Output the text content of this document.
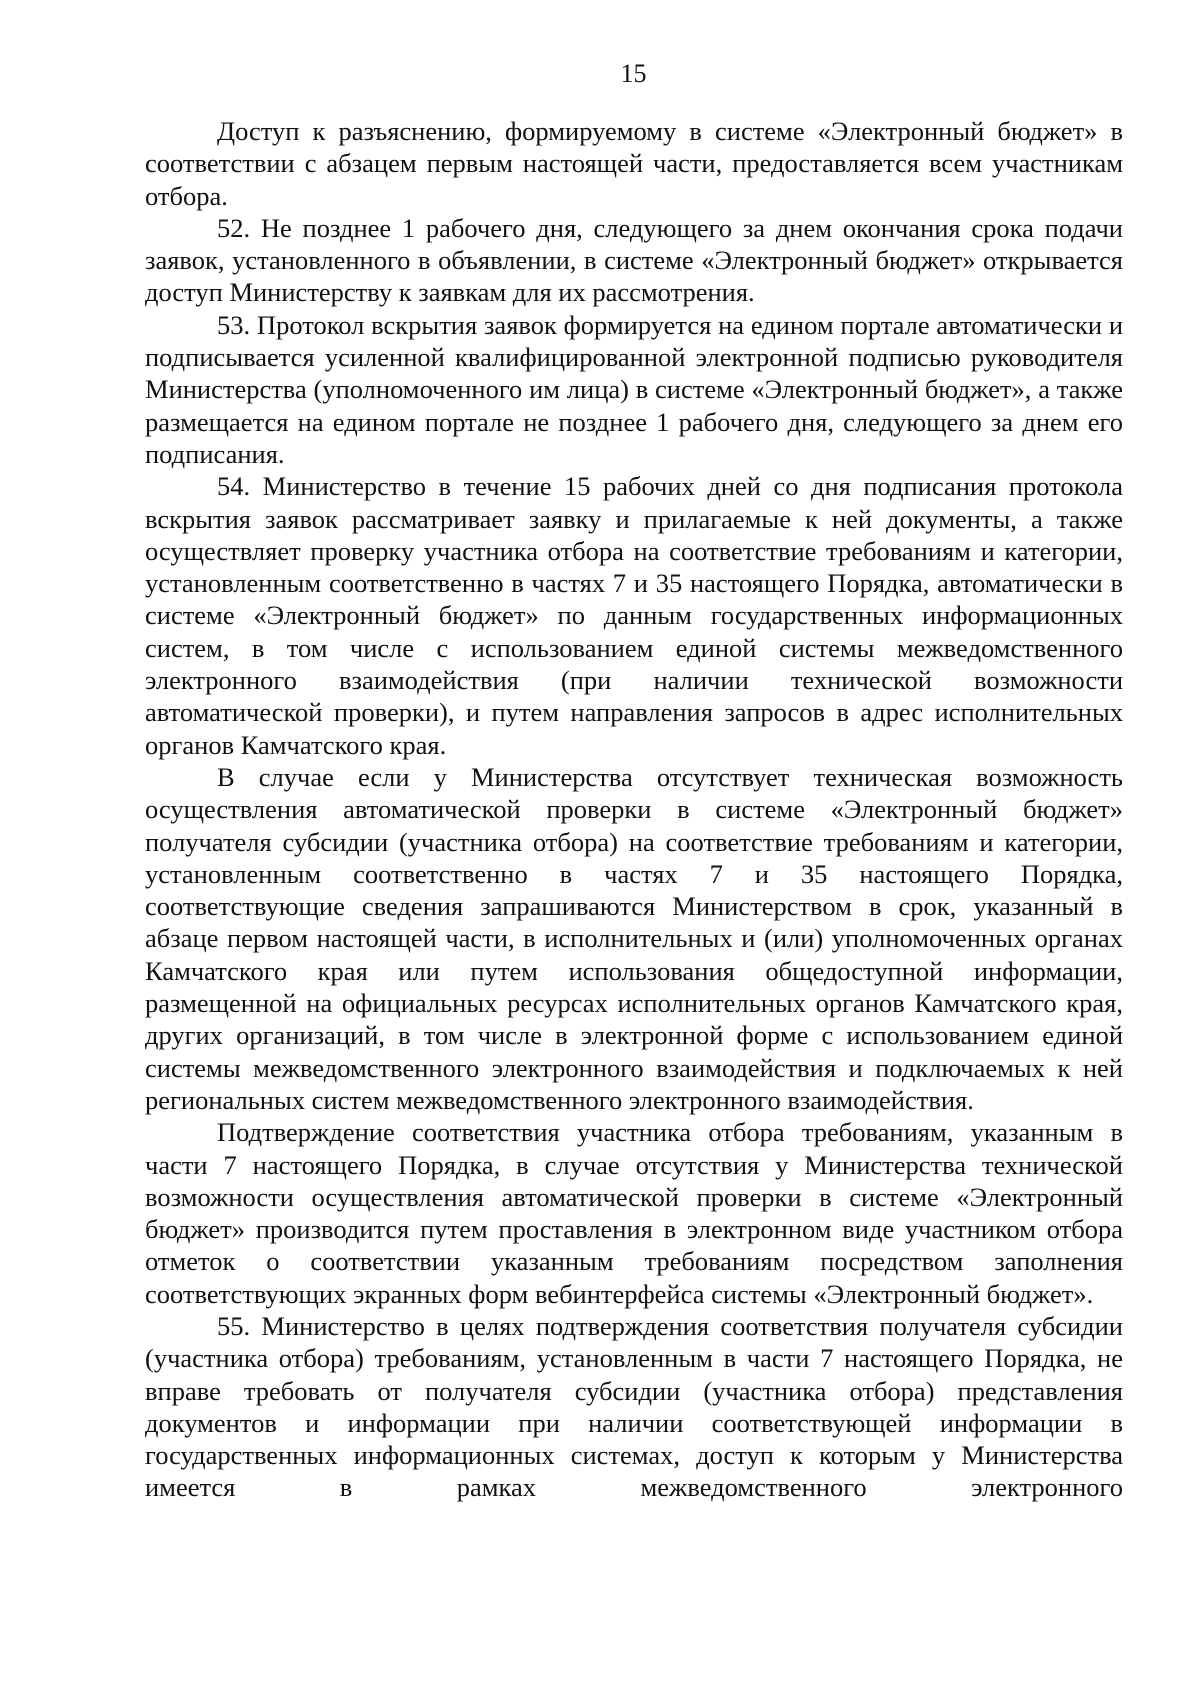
15

Доступ к разъяснению, формируемому в системе «Электронный бюджет» в соответствии с абзацем первым настоящей части, предоставляется всем участникам отбора.

52. Не позднее 1 рабочего дня, следующего за днем окончания срока подачи заявок, установленного в объявлении, в системе «Электронный бюджет» открывается доступ Министерству к заявкам для их рассмотрения.

53. Протокол вскрытия заявок формируется на едином портале автоматически и подписывается усиленной квалифицированной электронной подписью руководителя Министерства (уполномоченного им лица) в системе «Электронный бюджет», а также размещается на едином портале не позднее 1 рабочего дня, следующего за днем его подписания.

54. Министерство в течение 15 рабочих дней со дня подписания протокола вскрытия заявок рассматривает заявку и прилагаемые к ней документы, а также осуществляет проверку участника отбора на соответствие требованиям и категории, установленным соответственно в частях 7 и 35 настоящего Порядка, автоматически в системе «Электронный бюджет» по данным государственных информационных систем, в том числе с использованием единой системы межведомственного электронного взаимодействия (при наличии технической возможности автоматической проверки), и путем направления запросов в адрес исполнительных органов Камчатского края.

В случае если у Министерства отсутствует техническая возможность осуществления автоматической проверки в системе «Электронный бюджет» получателя субсидии (участника отбора) на соответствие требованиям и категории, установленным соответственно в частях 7 и 35 настоящего Порядка, соответствующие сведения запрашиваются Министерством в срок, указанный в абзаце первом настоящей части, в исполнительных и (или) уполномоченных органах Камчатского края или путем использования общедоступной информации, размещенной на официальных ресурсах исполнительных органов Камчатского края, других организаций, в том числе в электронной форме с использованием единой системы межведомственного электронного взаимодействия и подключаемых к ней региональных систем межведомственного электронного взаимодействия.

Подтверждение соответствия участника отбора требованиям, указанным в части 7 настоящего Порядка, в случае отсутствия у Министерства технической возможности осуществления автоматической проверки в системе «Электронный бюджет» производится путем проставления в электронном виде участником отбора отметок о соответствии указанным требованиям посредством заполнения соответствующих экранных форм вебинтерфейса системы «Электронный бюджет».

55. Министерство в целях подтверждения соответствия получателя субсидии (участника отбора) требованиям, установленным в части 7 настоящего Порядка, не вправе требовать от получателя субсидии (участника отбора) представления документов и информации при наличии соответствующей информации в государственных информационных системах, доступ к которым у Министерства имеется в рамках межведомственного электронного
